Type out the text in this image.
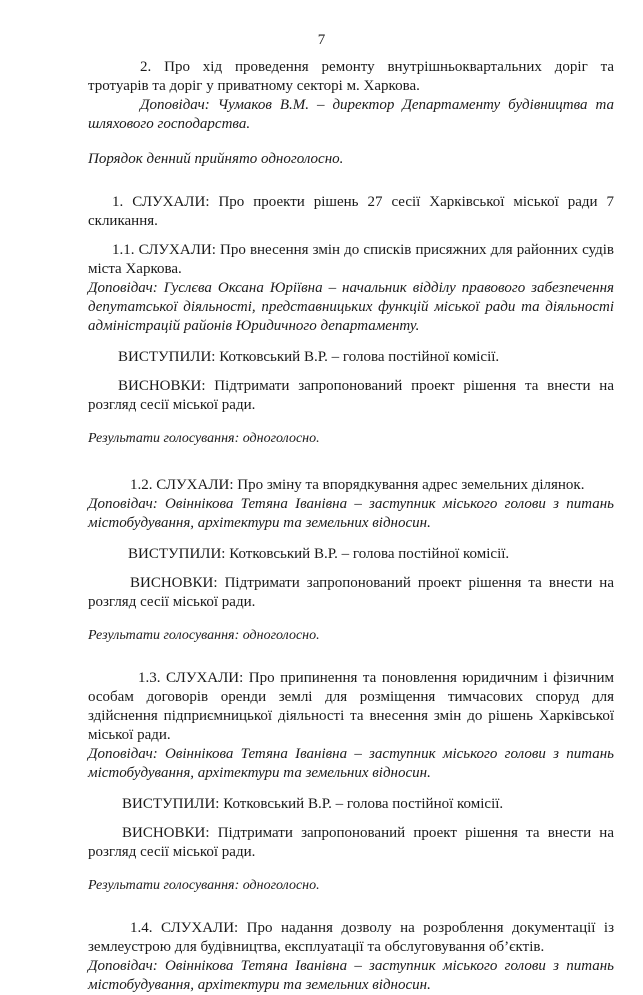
7

2. Про хід проведення ремонту внутрішньоквартальних доріг та тротуарів та доріг у приватному секторі м. Харкова.

Доповідач: Чумаков В.М. – директор Департаменту будівництва та шляхового господарства.

Порядок денний прийнято одноголосно.

1. СЛУХАЛИ: Про проекти рішень 27 сесії Харківської міської ради 7 скликання.

1.1. СЛУХАЛИ: Про внесення змін до списків присяжних для районних судів міста Харкова.

Доповідач: Гуслєва Оксана Юріївна – начальник відділу правового забезпечення депутатської діяльності, представницьких функцій міської ради та діяльності адміністрацій районів Юридичного департаменту.

ВИСТУПИЛИ: Котковський В.Р. – голова постійної комісії.

ВИСНОВКИ: Підтримати запропонований проект рішення та внести на розгляд сесії міської ради.

Результати голосування: одноголосно.

1.2. СЛУХАЛИ: Про зміну та впорядкування адрес земельних ділянок.

Доповідач: Овіннікова Тетяна Іванівна – заступник міського голови з питань містобудування, архітектури та земельних відносин.

ВИСТУПИЛИ: Котковський В.Р. – голова постійної комісії.

ВИСНОВКИ: Підтримати запропонований проект рішення та внести на розгляд сесії міської ради.

Результати голосування: одноголосно.

1.3. СЛУХАЛИ: Про припинення та поновлення юридичним і фізичним особам договорів оренди землі для розміщення тимчасових споруд для здійснення підприємницької діяльності та внесення змін до рішень Харківської міської ради.

Доповідач: Овіннікова Тетяна Іванівна – заступник міського голови з питань містобудування, архітектури та земельних відносин.

ВИСТУПИЛИ: Котковський В.Р. – голова постійної комісії.

ВИСНОВКИ: Підтримати запропонований проект рішення та внести на розгляд сесії міської ради.

Результати голосування: одноголосно.

1.4. СЛУХАЛИ: Про надання дозволу на розроблення документації із землеустрою для будівництва, експлуатації та обслуговування об’єктів.

Доповідач: Овіннікова Тетяна Іванівна – заступник міського голови з питань містобудування, архітектури та земельних відносин.
